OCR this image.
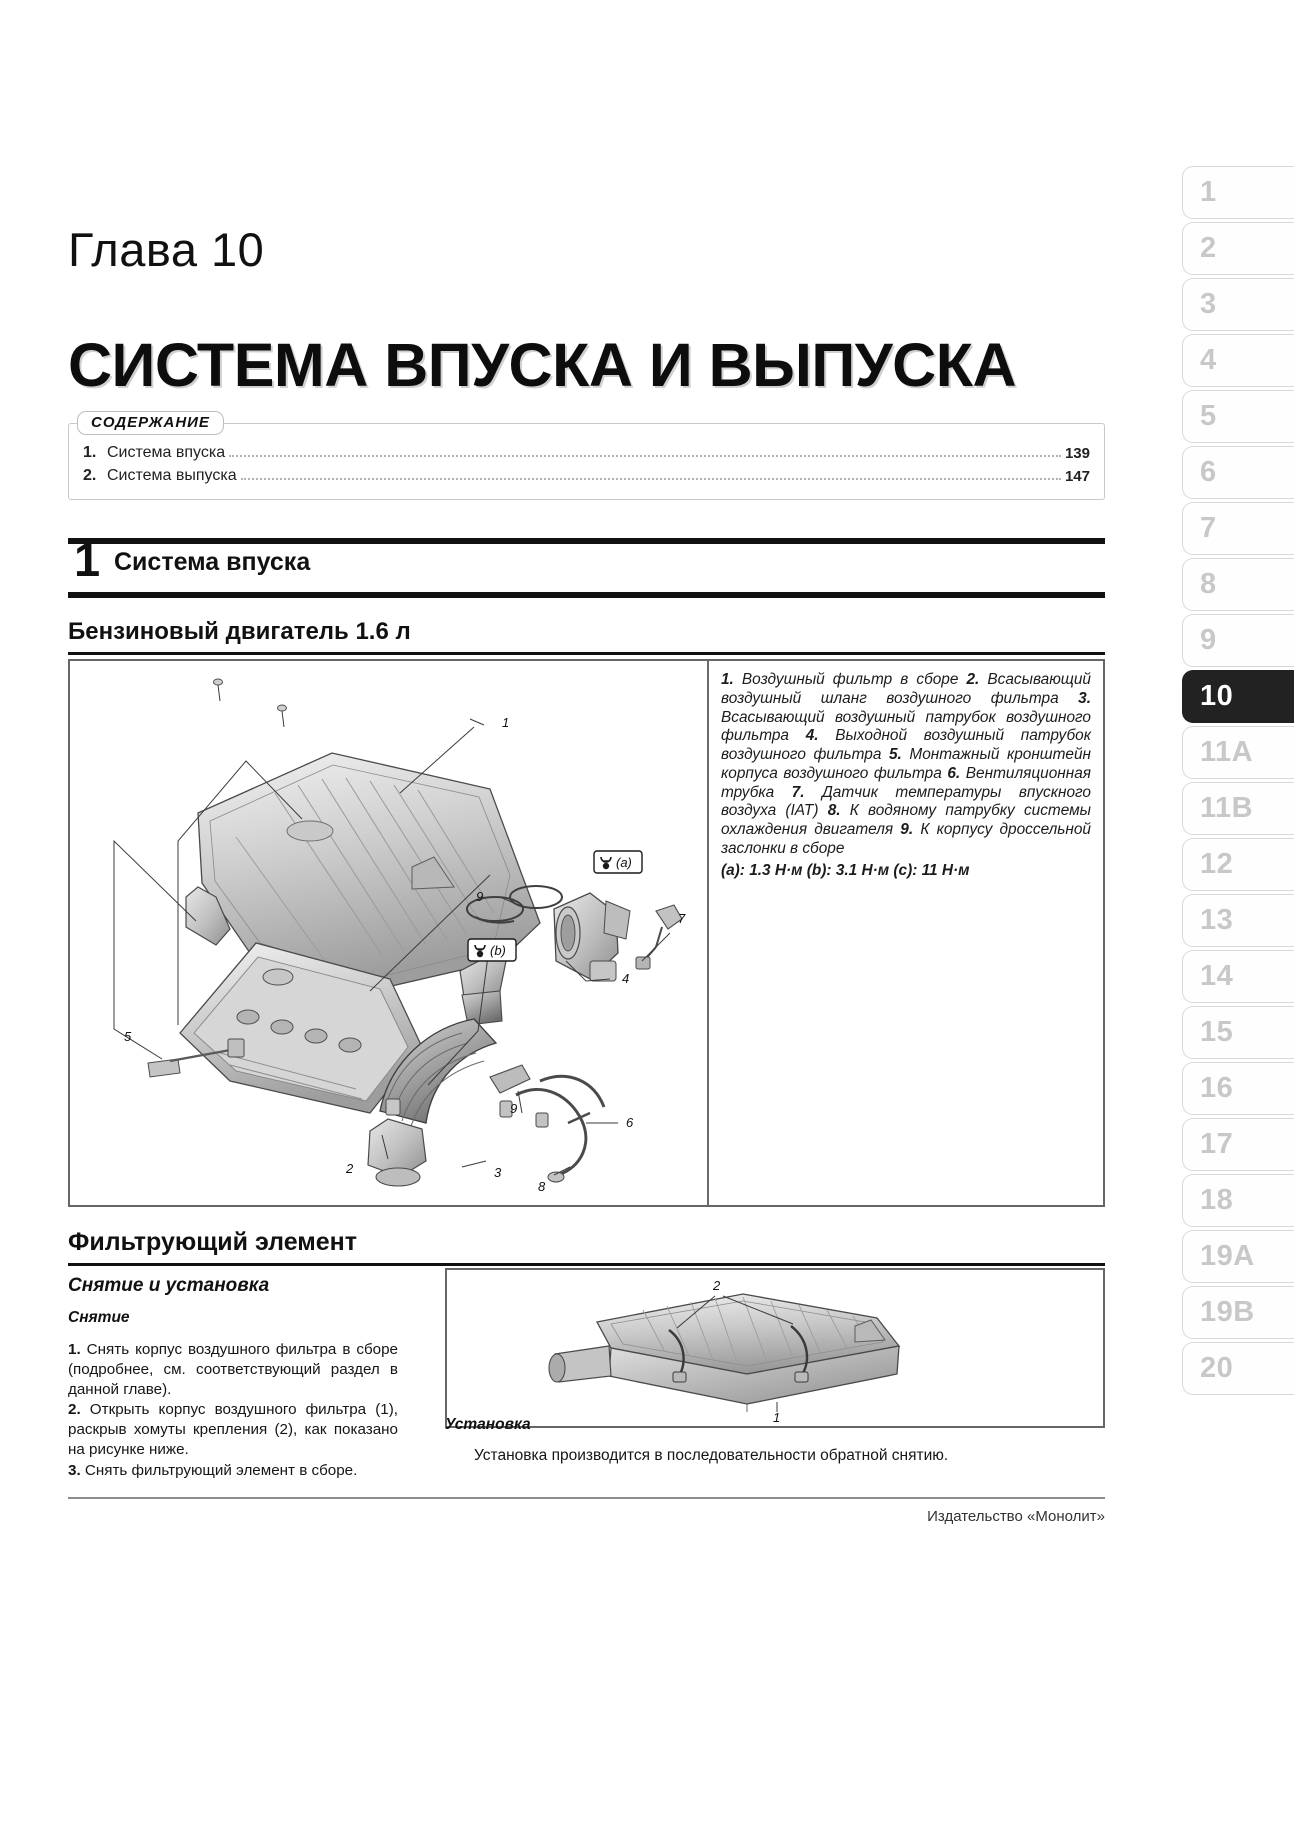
1
2
3
4
5
6
7
8
9
10
11A
11B
12
13
14
15
16
17
18
19A
19B
20
Глава 10
СИСТЕМА ВПУСКА И ВЫПУСКА
СОДЕРЖАНИЕ
1. Система впуска	139
2. Система выпуска	147
1 Система впуска
Бензиновый двигатель 1.6 л
1
2	3
4
5
6
7
8
9
9
(a)
(b)
1. Воздушный фильтр в сборе 2. Всасывающий воздушный шланг воздушного фильтра 3. Всасывающий воздушный патрубок воздушного фильтра 4. Выходной воздушный патрубок воздушного фильтра 5. Монтажный кронштейн корпуса воздушного фильтра 6. Вентиляционная трубка 7. Датчик температуры впускного воздуха (IAT) 8. К водяному патрубку системы охлаждения двигателя 9. К корпусу дроссельной заслонки в сборе
(a): 1.3 Н·м (b): 3.1 Н·м (c): 11 Н·м
Фильтрующий элемент
Снятие и установка
Снятие

1. Снять корпус воздушного фильтра в сборе (подробнее, см. соответствующий раздел в данной главе).

2. Открыть корпус воздушного фильтра (1), раскрыв хомуты крепления (2), как показано на рисунке ниже.

3. Снять фильтрующий элемент в сборе.

2
1
Установка
Установка производится в последовательности обратной снятию.
Издательство «Монолит»
